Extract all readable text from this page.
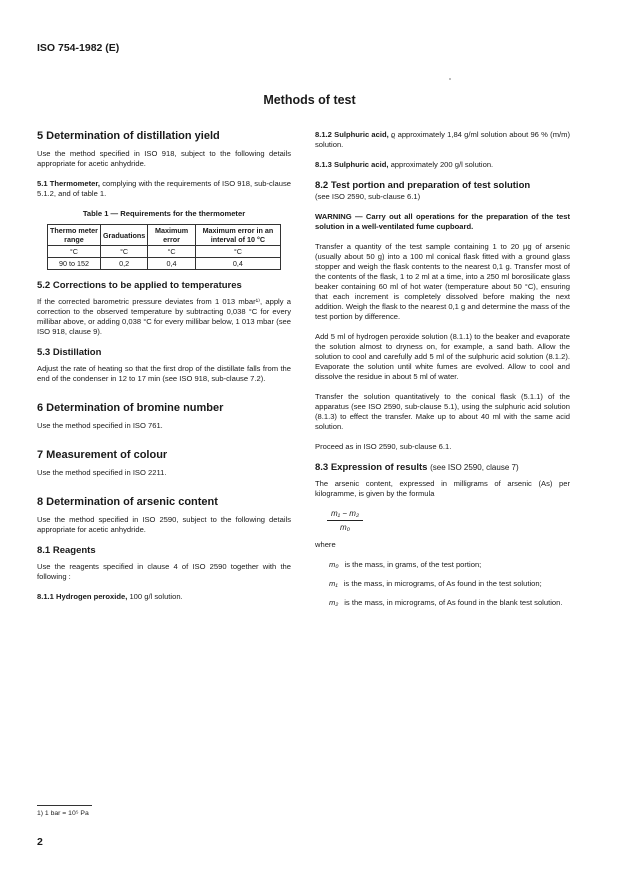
ISO 754-1982 (E)
Methods of test
5 Determination of distillation yield

Use the method specified in ISO 918, subject to the following details appropriate for acetic anhydride.

5.1 Thermometer, complying with the requirements of ISO 918, sub-clause 5.1.2, and of table 1.

Table 1 — Requirements for the thermometer
Thermo meter range	Graduations	Maximum error	Maximum error in an interval of 10 °C
°C	°C	°C	°C
90 to 152	0,2	0,4	0,4
5.2 Corrections to be applied to temperatures

If the corrected barometric pressure deviates from 1 013 mbar¹⁾, apply a correction to the observed temperature by subtracting 0,038 °C for every millibar above, or adding 0,038 °C for every millibar below, 1 013 mbar (see ISO 918, clause 9).

5.3 Distillation

Adjust the rate of heating so that the first drop of the distillate falls from the end of the condenser in 12 to 17 min (see ISO 918, sub-clause 7.2).

6 Determination of bromine number

Use the method specified in ISO 761.

7 Measurement of colour

Use the method specified in ISO 2211.

8 Determination of arsenic content

Use the method specified in ISO 2590, subject to the following details appropriate for acetic anhydride.

8.1 Reagents

Use the reagents specified in clause 4 of ISO 2590 together with the following :

8.1.1 Hydrogen peroxide, 100 g/l solution.

8.1.2 Sulphuric acid, ϱ approximately 1,84 g/ml solution about 96 % (m/m) solution.

8.1.3 Sulphuric acid, approximately 200 g/l solution.

8.2 Test portion and preparation of test solution

(see ISO 2590, sub-clause 6.1)

WARNING — Carry out all operations for the preparation of the test solution in a well-ventilated fume cupboard.

Transfer a quantity of the test sample containing 1 to 20 µg of arsenic (usually about 50 g) into a 100 ml conical flask fitted with a ground glass stopper and weigh the flask contents to the nearest 0,1 g. Transfer most of the contents of the flask, 1 to 2 ml at a time, into a 250 ml borosilicate glass beaker containing 60 ml of hot water (temperature about 50 °C), ensuring that each increment is completely dissolved before making the next addition. Weigh the flask to the nearest 0,1 g and determine the mass of the test portion by difference.

Add 5 ml of hydrogen peroxide solution (8.1.1) to the beaker and evaporate the solution almost to dryness on, for example, a sand bath. Allow the solution to cool and carefully add 5 ml of the sulphuric acid solution (8.1.2). Evaporate the solution until white fumes are evolved. Allow to cool and dissolve the residue in about 5 ml of water.

Transfer the solution quantitatively to the conical flask (5.1.1) of the apparatus (see ISO 2590, sub-clause 5.1), using the sulphuric acid solution (8.1.3) to effect the transfer. Make up to about 40 ml with the same acid solution.

Proceed as in ISO 2590, sub-clause 6.1.

8.3 Expression of results (see ISO 2590, clause 7)

The arsenic content, expressed in milligrams of arsenic (As) per kilogramme, is given by the formula

$\frac{\text{m₁ − m₂}}{\text{m₀}}$

where

m₀ is the mass, in grams, of the test portion;
m₁ is the mass, in micrograms, of As found in the test solution;
m₂ is the mass, in micrograms, of As found in the blank test solution.
1) 1 bar = 10⁵ Pa
2
